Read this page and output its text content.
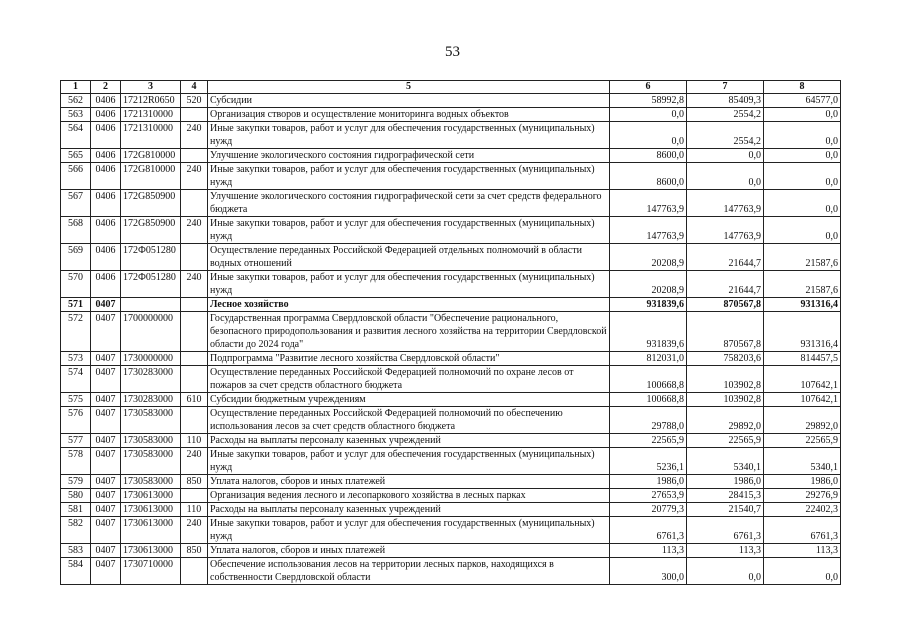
53
1	2	3	4	5	6	7	8
562	0406	17212R0650	520	Субсидии	58992,8	85409,3	64577,0
563	0406	1721310000		Организация створов и осуществление мониторинга водных объектов	0,0	2554,2	0,0
564	0406	1721310000	240	Иные закупки товаров, работ и услуг для обеспечения государственных (муниципальных) нужд	0,0	2554,2	0,0
565	0406	172G810000		Улучшение экологического состояния гидрографической сети	8600,0	0,0	0,0
566	0406	172G810000	240	Иные закупки товаров, работ и услуг для обеспечения государственных (муниципальных) нужд	8600,0	0,0	0,0
567	0406	172G850900		Улучшение экологического состояния гидрографической сети за счет средств федерального бюджета	147763,9	147763,9	0,0
568	0406	172G850900	240	Иные закупки товаров, работ и услуг для обеспечения государственных (муниципальных) нужд	147763,9	147763,9	0,0
569	0406	172Ф051280		Осуществление переданных Российской Федерацией отдельных полномочий в области водных отношений	20208,9	21644,7	21587,6
570	0406	172Ф051280	240	Иные закупки товаров, работ и услуг для обеспечения государственных (муниципальных) нужд	20208,9	21644,7	21587,6
571	0407			Лесное хозяйство	931839,6	870567,8	931316,4
572	0407	1700000000		Государственная программа Свердловской области "Обеспечение рационального, безопасного природопользования и развития лесного хозяйства на территории Свердловской области до 2024 года"	931839,6	870567,8	931316,4
573	0407	1730000000		Подпрограмма "Развитие лесного хозяйства Свердловской области"	812031,0	758203,6	814457,5
574	0407	1730283000		Осуществление переданных Российской Федерацией полномочий по охране лесов от пожаров за счет средств областного бюджета	100668,8	103902,8	107642,1
575	0407	1730283000	610	Субсидии бюджетным учреждениям	100668,8	103902,8	107642,1
576	0407	1730583000		Осуществление переданных Российской Федерацией полномочий по обеспечению использования лесов за счет средств областного бюджета	29788,0	29892,0	29892,0
577	0407	1730583000	110	Расходы на выплаты персоналу казенных учреждений	22565,9	22565,9	22565,9
578	0407	1730583000	240	Иные закупки товаров, работ и услуг для обеспечения государственных (муниципальных) нужд	5236,1	5340,1	5340,1
579	0407	1730583000	850	Уплата налогов, сборов и иных платежей	1986,0	1986,0	1986,0
580	0407	1730613000		Организация ведения лесного и лесопаркового хозяйства в лесных парках	27653,9	28415,3	29276,9
581	0407	1730613000	110	Расходы на выплаты персоналу казенных учреждений	20779,3	21540,7	22402,3
582	0407	1730613000	240	Иные закупки товаров, работ и услуг для обеспечения государственных (муниципальных) нужд	6761,3	6761,3	6761,3
583	0407	1730613000	850	Уплата налогов, сборов и иных платежей	113,3	113,3	113,3
584	0407	1730710000		Обеспечение использования лесов на территории лесных парков, находящихся в собственности Свердловской области	300,0	0,0	0,0
